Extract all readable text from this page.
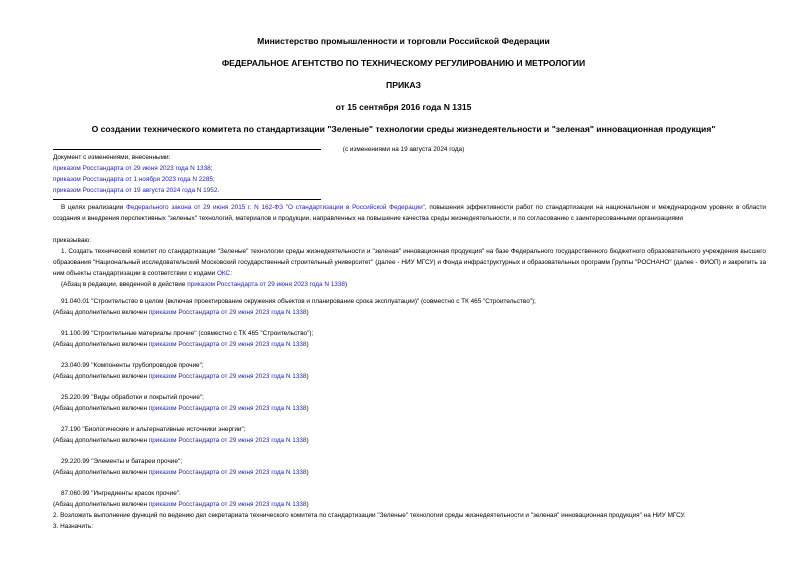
Министерство промышленности и торговли Российской Федерации
ФЕДЕРАЛЬНОЕ АГЕНТСТВО ПО ТЕХНИЧЕСКОМУ РЕГУЛИРОВАНИЮ И МЕТРОЛОГИИ
ПРИКАЗ
от 15 сентября 2016 года N 1315
О создании технического комитета по стандартизации "Зеленые" технологии среды жизнедеятельности и "зеленая" инновационная продукция"
(с изменениями на 19 августа 2024 года)
Документ с изменениями, внесенными:
приказом Росстандарта от 29 июня 2023 года N 1338;
приказом Росстандарта от 1 ноября 2023 года N 2285;
приказом Росстандарта от 19 августа 2024 года N 1952.
В целях реализации Федерального закона от 29 июня 2015 г. N 162-ФЗ "О стандартизации в Российской Федерации", повышения эффективности работ по стандартизации на национальном и международном уровнях в области создания и внедрения перспективных "зеленых" технологий, материалов и продукции, направленных на повышение качества среды жизнедеятельности, и по согласованию с заинтересованными организациями
приказываю:
1. Создать технический комитет по стандартизации "Зеленые" технологии среды жизнедеятельности и "зеленая" инновационная продукция" на базе Федерального государственного бюджетного образовательного учреждения высшего образования "Национальный исследовательский Московский государственный строительный университет" (далее - НИУ МГСУ) и Фонда инфраструктурных и образовательных программ Группы "РОСНАНО" (далее - ФИОП) и закрепить за ним объекты стандартизации в соответствии с кодами ОКС:
(Абзац в редакции, введенной в действие приказом Росстандарта от 29 июня 2023 года N 1338)
91.040.01 "Строительство в целом (включая проектирование окружения объектов и планирование срока эксплуатации)" (совместно с ТК 465 "Строительство");
(Абзац дополнительно включен приказом Росстандарта от 29 июня 2023 года N 1338)
91.100.99 "Строительные материалы прочие" (совместно с ТК 465 "Строительство");
(Абзац дополнительно включен приказом Росстандарта от 29 июня 2023 года N 1338)
23.040.99 "Компоненты трубопроводов прочие";
(Абзац дополнительно включен приказом Росстандарта от 29 июня 2023 года N 1338)
25.220.99 "Виды обработки и покрытий прочие";
(Абзац дополнительно включен приказом Росстандарта от 29 июня 2023 года N 1338)
27.190 "Биологические и альтернативные источники энергии";
(Абзац дополнительно включен приказом Росстандарта от 29 июня 2023 года N 1338)
29.220.99 "Элементы и батареи прочие";
(Абзац дополнительно включен приказом Росстандарта от 29 июня 2023 года N 1338)
87.060.99 "Ингредиенты красок прочие".
(Абзац дополнительно включен приказом Росстандарта от 29 июня 2023 года N 1338)
2. Возложить выполнение функций по ведению дел секретариата технического комитета по стандартизации "Зеленые" технологии среды жизнедеятельности и "зеленая" инновационная продукция" на НИУ МГСУ.
3. Назначить:
